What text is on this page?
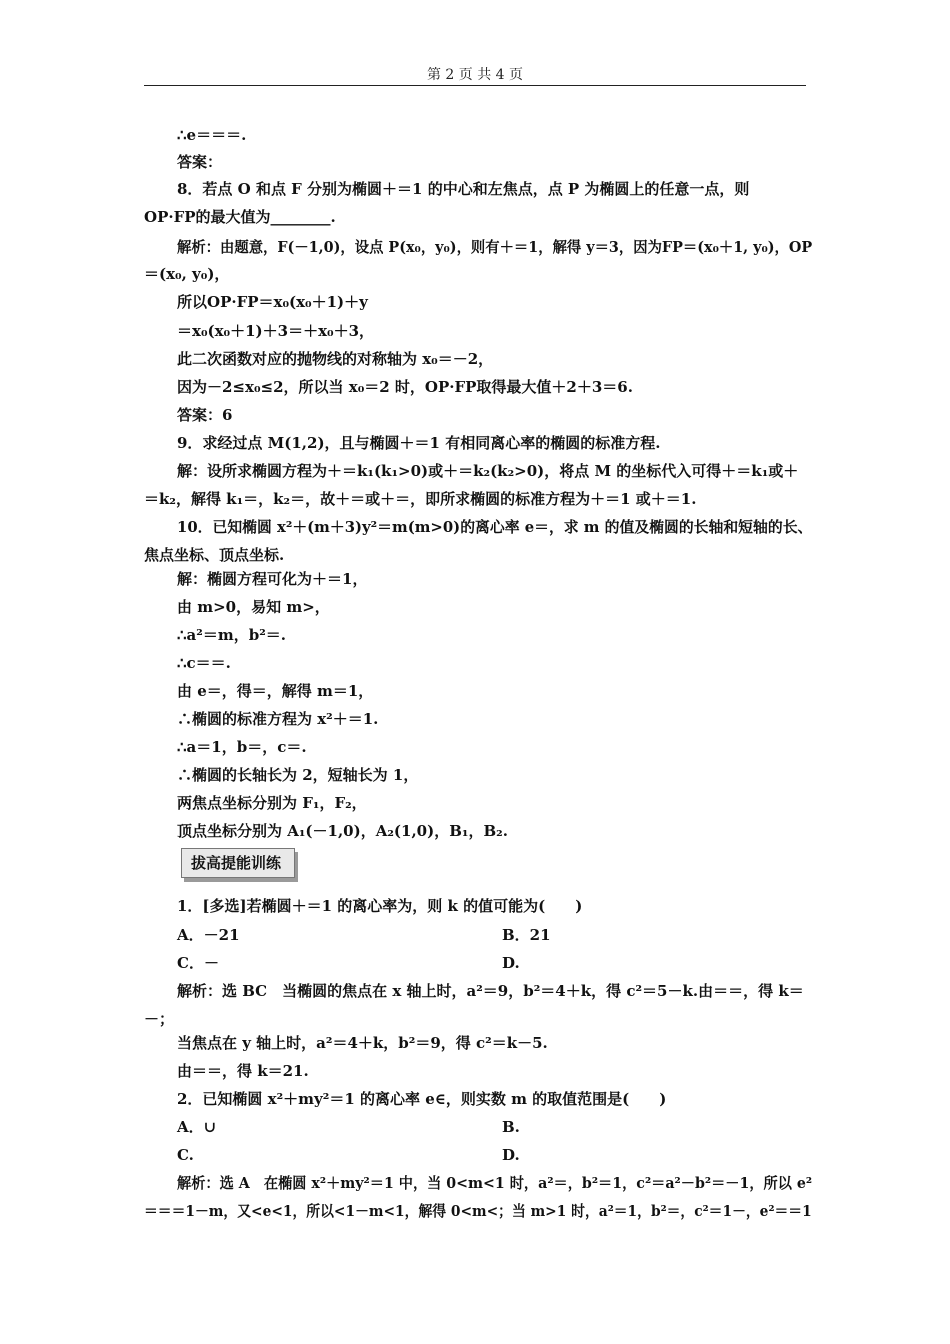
第 2 页 共 4 页
∴e＝＝＝.
答案：
8．若点 O 和点 F 分别为椭圆＋＝1 的中心和左焦点，点 P 为椭圆上的任意一点，则
OP·FP的最大值为________.
解析：由题意，F(－1,0)，设点 P(x₀，y₀)，则有＋＝1，解得 y＝3，因为FP＝(x₀＋1, y₀)，OP
＝(x₀, y₀)，
所以OP·FP＝x₀(x₀＋1)＋y
＝x₀(x₀＋1)＋3＝＋x₀＋3，
此二次函数对应的抛物线的对称轴为 x₀＝－2，
因为－2≤x₀≤2，所以当 x₀＝2 时，OP·FP取得最大值＋2＋3＝6.
答案：6
9．求经过点 M(1,2)，且与椭圆＋＝1 有相同离心率的椭圆的标准方程.
解：设所求椭圆方程为＋＝k₁(k₁>0)或＋＝k₂(k₂>0)，将点 M 的坐标代入可得＋＝k₁或＋
＝k₂，解得 k₁＝，k₂＝，故＋＝或＋＝，即所求椭圆的标准方程为＋＝1 或＋＝1.
10．已知椭圆 x²＋(m＋3)y²＝m(m>0)的离心率 e＝，求 m 的值及椭圆的长轴和短轴的长、
焦点坐标、顶点坐标.
解：椭圆方程可化为＋＝1，
由 m>0，易知 m>，
∴a²＝m，b²＝.
∴c＝＝.
由 e＝，得＝，解得 m＝1，
∴椭圆的标准方程为 x²＋＝1.
∴a＝1，b＝，c＝.
∴椭圆的长轴长为 2，短轴长为 1，
两焦点坐标分别为 F₁，F₂，
顶点坐标分别为 A₁(－1,0)，A₂(1,0)，B₁，B₂.
拔高提能训练
1．[多选]若椭圆＋＝1 的离心率为，则 k 的值可能为(　　)
A．－21	B．21
C．－	D.
解析：选 BC　当椭圆的焦点在 x 轴上时，a²＝9，b²＝4＋k，得 c²＝5－k.由＝＝，得 k＝
－；
当焦点在 y 轴上时，a²＝4＋k，b²＝9，得 c²＝k－5.
由＝＝，得 k＝21.
2．已知椭圆 x²＋my²＝1 的离心率 e∈，则实数 m 的取值范围是(　　)
A．∪	B.
C.	D.
解析：选 A　在椭圆 x²＋my²＝1 中，当 0<m<1 时，a²＝，b²＝1，c²＝a²－b²＝－1，所以 e²
＝＝＝1－m，又<e<1，所以<1－m<1，解得 0<m<；当 m>1 时，a²＝1，b²＝，c²＝1－，e²＝＝1
